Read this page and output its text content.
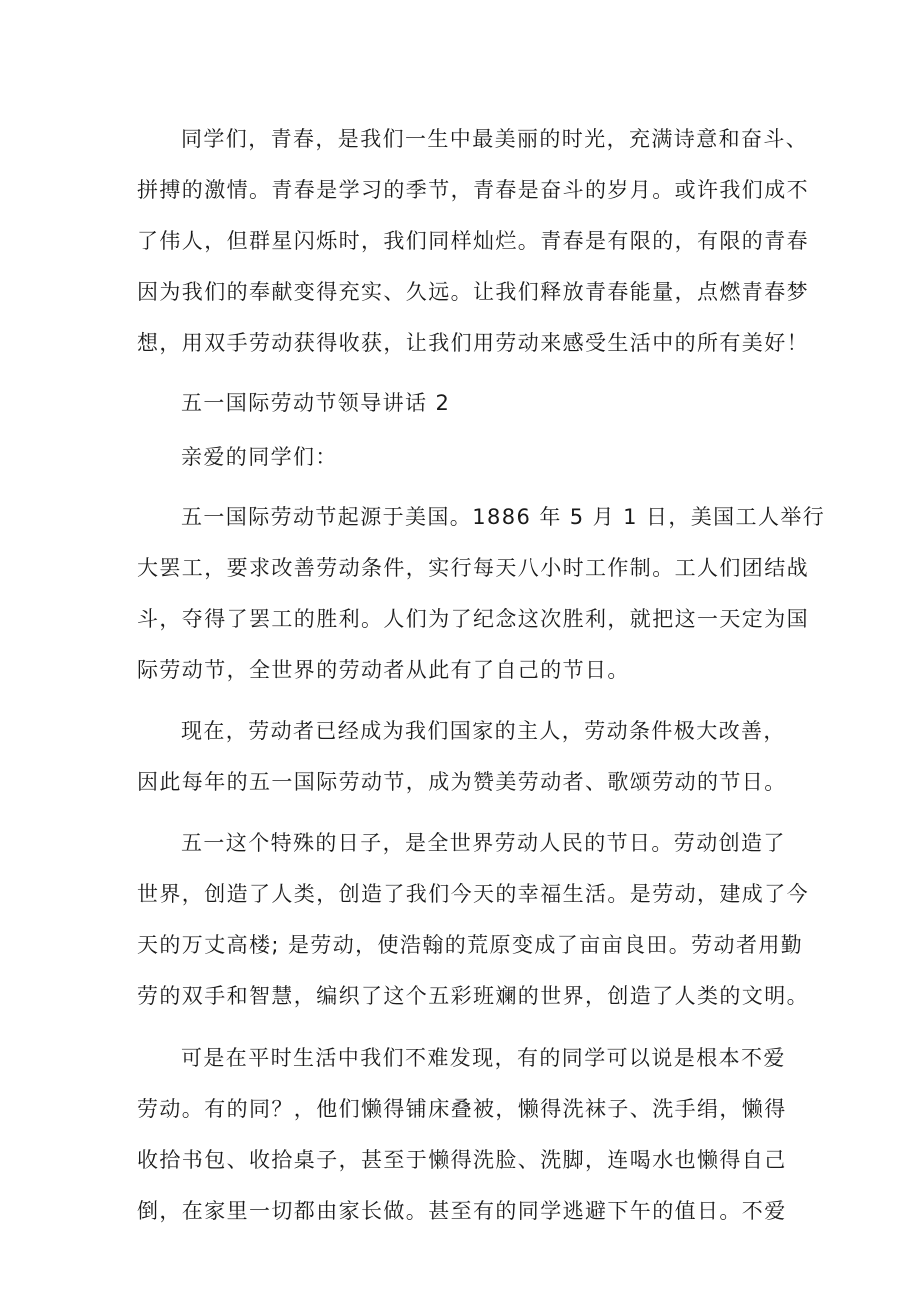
同学们，青春，是我们一生中最美丽的时光，充满诗意和奋斗、
拼搏的激情。青春是学习的季节，青春是奋斗的岁月。或许我们成不
了伟人，但群星闪烁时，我们同样灿烂。青春是有限的，有限的青春
因为我们的奉献变得充实、久远。让我们释放青春能量，点燃青春梦
想，用双手劳动获得收获，让我们用劳动来感受生活中的所有美好！
五一国际劳动节领导讲话 2
亲爱的同学们：
五一国际劳动节起源于美国。1886 年 5 月 1 日，美国工人举行
大罢工，要求改善劳动条件，实行每天八小时工作制。工人们团结战
斗，夺得了罢工的胜利。人们为了纪念这次胜利，就把这一天定为国
际劳动节，全世界的劳动者从此有了自己的节日。
现在，劳动者已经成为我们国家的主人，劳动条件极大改善，
因此每年的五一国际劳动节，成为赞美劳动者、歌颂劳动的节日。
五一这个特殊的日子，是全世界劳动人民的节日。劳动创造了
世界，创造了人类，创造了我们今天的幸福生活。是劳动，建成了今
天的万丈高楼; 是劳动，使浩翰的荒原变成了亩亩良田。劳动者用勤
劳的双手和智慧，编织了这个五彩班斓的世界，创造了人类的文明。
可是在平时生活中我们不难发现，有的同学可以说是根本不爱
劳动。有的同？，他们懒得铺床叠被，懒得洗袜子、洗手绢，懒得
收拾书包、收拾桌子，甚至于懒得洗脸、洗脚，连喝水也懒得自己
倒，在家里一切都由家长做。甚至有的同学逃避下午的值日。不爱
